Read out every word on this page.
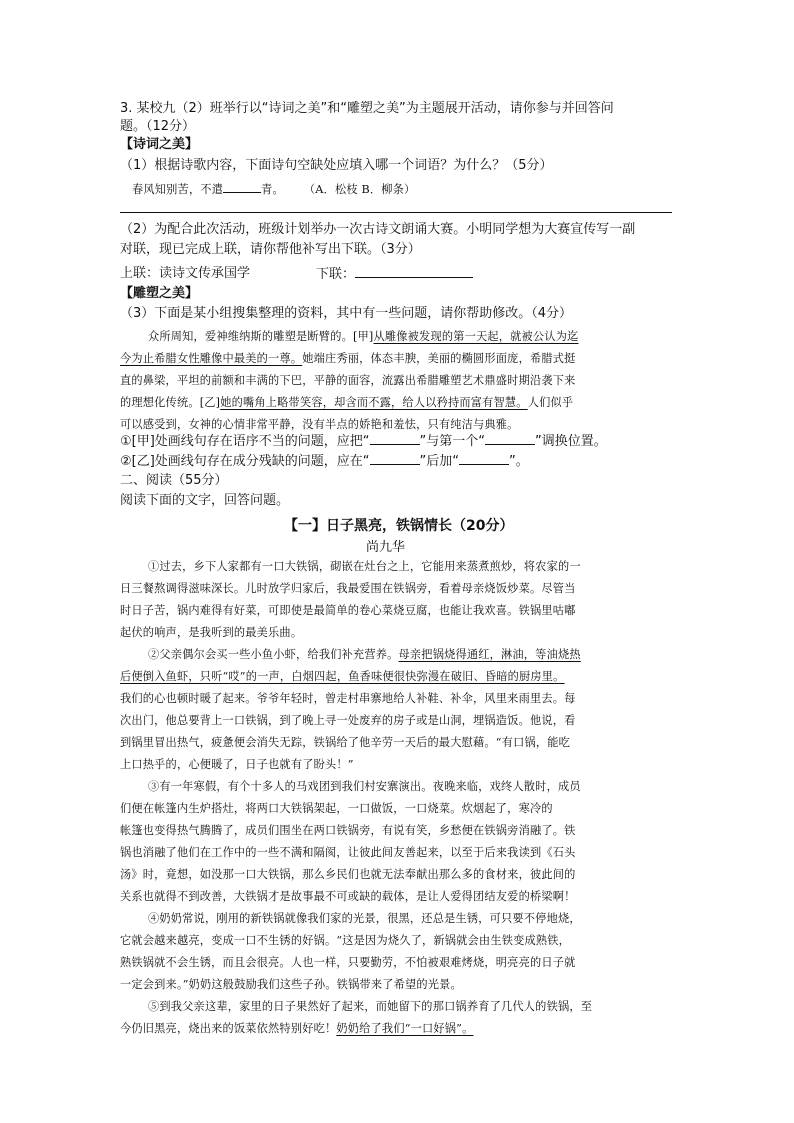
3. 某校九（2）班举行以“诗词之美”和“雕塑之美”为主题展开活动，请你参与并回答问
题。（12分）
【诗词之美】
（1）根据诗歌内容，下面诗句空缺处应填入哪一个词语？为什么？（5分）
春风知别苦，不遣	青。 （A．松枝 B．柳条）
（2）为配合此次活动，班级计划举办一次古诗文朗诵大赛。小明同学想为大赛宣传写一副
对联，现已完成上联，请你帮他补写出下联。（3分）
上联：读诗文传承国学	下联：
【雕塑之美】
（3）下面是某小组搜集整理的资料，其中有一些问题，请你帮助修改。（4分）
众所周知，爱神维纳斯的雕塑是断臂的。[甲]从雕像被发现的第一天起，就被公认为迄
今为止希腊女性雕像中最美的一尊。她端庄秀丽，体态丰腴，美丽的椭圆形面庞，希腊式挺
直的鼻梁，平坦的前额和丰满的下巴，平静的面容，流露出希腊雕塑艺术鼎盛时期沿袭下来
的理想化传统。[乙]她的嘴角上略带笑容，却含而不露，给人以矜持而富有智慧。人们似乎
可以感受到，女神的心情非常平静，没有半点的娇艳和羞怯，只有纯洁与典雅。
①[甲]处画线句存在语序不当的问题，应把“	”与第一个“	”调换位置。
②[乙]处画线句存在成分残缺的问题，应在“	”后加“	”。
二、阅读（55分）
阅读下面的文字，回答问题。
【一】日子黑亮，铁锅情长（20分）
尚九华
①过去，乡下人家都有一口大铁锅，砌嵌在灶台之上，它能用来蒸煮煎炒，将农家的一
日三餐熬调得滋味深长。儿时放学归家后，我最爱围在铁锅旁，看着母亲烧饭炒菜。尽管当
时日子苦，锅内难得有好菜，可即使是最简单的卷心菜烧豆腐，也能让我欢喜。铁锅里咕嘟
起伏的响声，是我听到的最美乐曲。
②父亲偶尔会买一些小鱼小虾，给我们补充营养。母亲把锅烧得通红，淋油，等油烧热
后便倒入鱼虾，只听“哎”的一声，白烟四起，鱼香味便很快弥漫在破旧、昏暗的厨房里。
我们的心也顿时暖了起来。爷爷年轻时，曾走村串寨地给人补鞋、补伞，风里来雨里去。每
次出门，他总要背上一口铁锅，到了晚上寻一处废弃的房子或是山洞，埋锅造饭。他说，看
到锅里冒出热气，疲惫便会消失无踪，铁锅给了他辛劳一天后的最大慰藉。“有口锅，能吃
上口热乎的，心便暖了，日子也就有了盼头！”
③有一年寒假，有个十多人的马戏团到我们村安寨演出。夜晚来临，戏终人散时，成员
们便在帐篷内生炉搭灶，将两口大铁锅架起，一口做饭，一口烧菜。炊烟起了，寒冷的
帐篷也变得热气腾腾了，成员们围坐在两口铁锅旁，有说有笑，乡愁便在铁锅旁消融了。铁
锅也消融了他们在工作中的一些不满和隔阂，让彼此间友善起来，以至于后来我读到《石头
汤》时，竟想，如没那一口大铁锅，那么乡民们也就无法奉献出那么多的食材来，彼此间的
关系也就得不到改善，大铁锅才是故事最不可或缺的载体，是让人爱得团结友爱的桥梁啊！
④奶奶常说，刚用的新铁锅就像我们家的光景，很黑，还总是生锈，可只要不停地烧，
它就会越来越亮，变成一口不生锈的好锅。“这是因为烧久了，新锅就会由生铁变成熟铁，
熟铁锅就不会生锈，而且会很亮。人也一样，只要勤劳，不怕被艰难烤烧，明亮亮的日子就
一定会到来。”奶奶这般鼓励我们这些子孙。铁锅带来了希望的光景。
⑤到我父亲这辈，家里的日子果然好了起来，而她留下的那口锅养育了几代人的铁锅，至
今仍旧黑亮，烧出来的饭菜依然特别好吃！奶奶给了我们“一口好锅”。
